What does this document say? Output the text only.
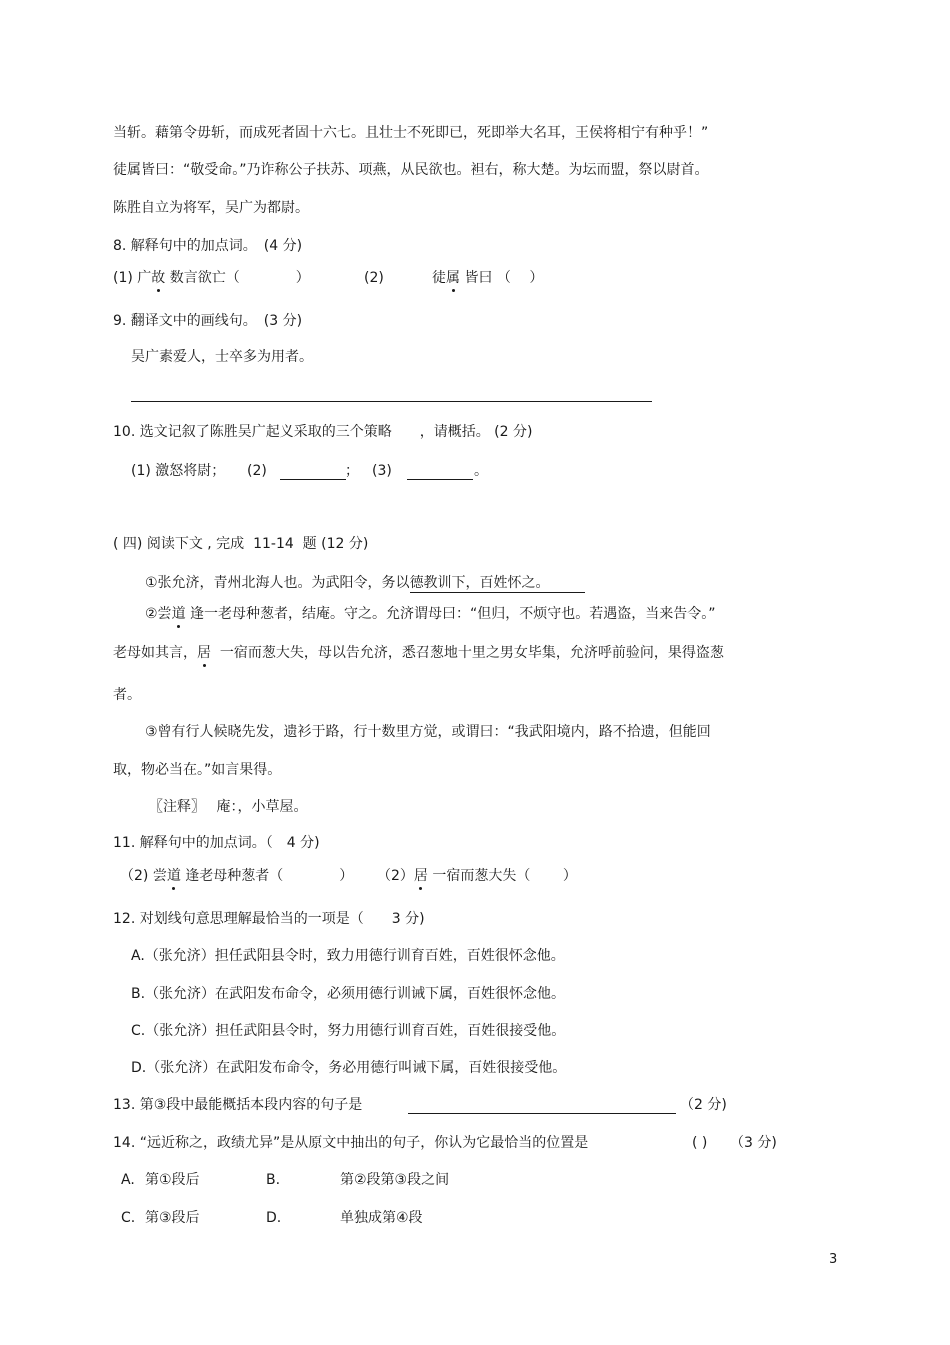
当斩。藉第令毋斩，而成死者固十六七。且壮士不死即已，死即举大名耳，王侯将相宁有种乎！”
徒属皆曰：“敬受命。”乃诈称公子扶苏、项燕，从民欲也。袒右，称大楚。为坛而盟，祭以尉首。
陈胜自立为将军，吴广为都尉。
8. 解释句中的加点词。　(4 分)
(1) 广故 数言欲亡（　　　　）	(2)	徒属 皆曰 （　 ）
9. 翻译文中的画线句。　(3 分)
吴广素爱人，士卒多为用者。
10. 选文记叙了陈胜吴广起义采取的三个策略　　，请概括。 (2 分)
(1) 激怒将尉； (2)	； (3)	。
( 四) 阅读下文 , 完成  11-14  题 (12 分)
①张允济，青州北海人也。为武阳令，务以德教训下，百姓怀之。　　　
②尝道 逢一老母种葱者，结庵。守之。允济谓母曰：“但归，不烦守也。若遇盗，当来告令。”
老母如其言，居  一宿而葱大失，母以告允济，悉召葱地十里之男女毕集，允济呼前验问，果得盗葱
者。
③曾有行人候晓先发，遗衫于路，行十数里方觉，或谓曰：“我武阳境内，路不拾遗，但能回
取，物必当在。”如言果得。
〖注释〗　 庵：，小草屋。
11. 解释句中的加点词。（　4 分)
（2) 尝道 逢老母种葱者（　　　　） （2）居 一宿而葱大失（　　 ）
12. 对划线句意思理解最恰当的一项是（　　3 分)
A.（张允济）担任武阳县令时，致力用德行训育百姓，百姓很怀念他。
B.（张允济）在武阳发布命令，必须用德行训诫下属，百姓很怀念他。
C.（张允济）担任武阳县令时，努力用德行训育百姓，百姓很接受他。
D.（张允济）在武阳发布命令，务必用德行叫诫下属，百姓很接受他。
13. 第③段中最能概括本段内容的句子是	（2 分)
14. “远近称之，政绩尤异”是从原文中抽出的句子，你认为它最恰当的位置是	( ) （3 分)
A. 第①段后	B.	第②段第③段之间
C. 第③段后	D.	单独成第④段
3
